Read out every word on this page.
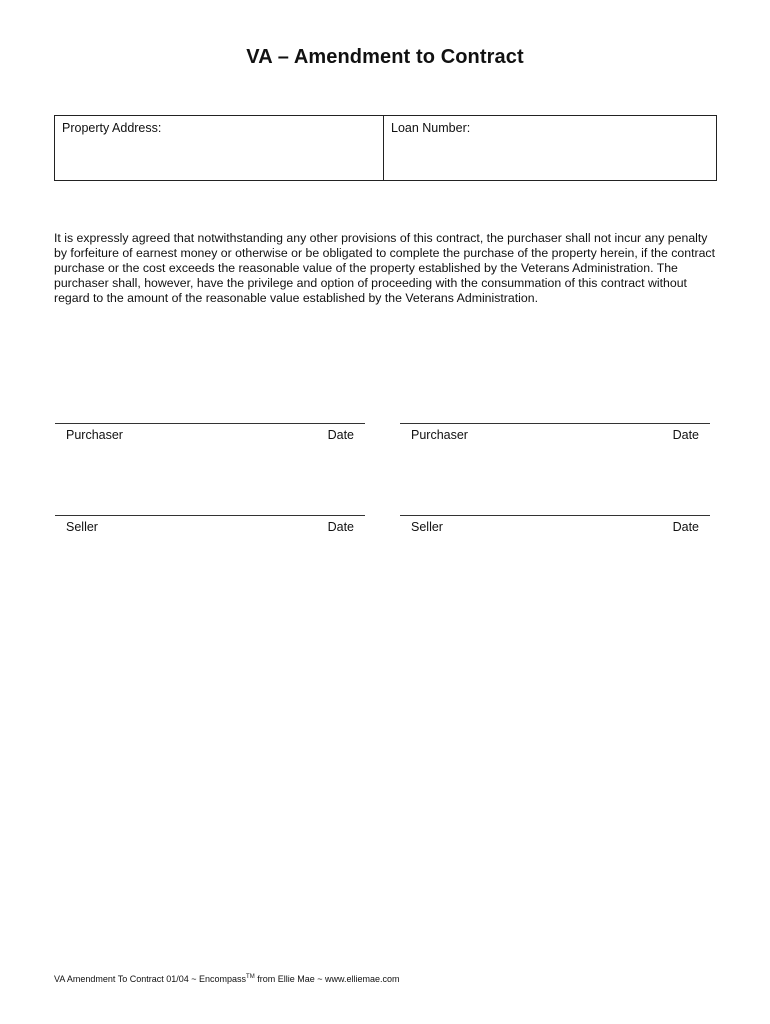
VA – Amendment to Contract
Property Address:	Loan Number:
It is expressly agreed that notwithstanding any other provisions of this contract, the purchaser shall not incur any penalty by forfeiture of earnest money or otherwise or be obligated to complete the purchase of the property herein, if the contract purchase or the cost exceeds the reasonable value of the property established by the Veterans Administration. The purchaser shall, however, have the privilege and option of proceeding with the consummation of this contract without regard to the amount of the reasonable value established by the Veterans Administration.
Purchaser	Date	Purchaser	Date
Seller	Date	Seller	Date
VA Amendment To Contract 01/04 ~ Encompass™ from Ellie Mae ~ www.elliemae.com
